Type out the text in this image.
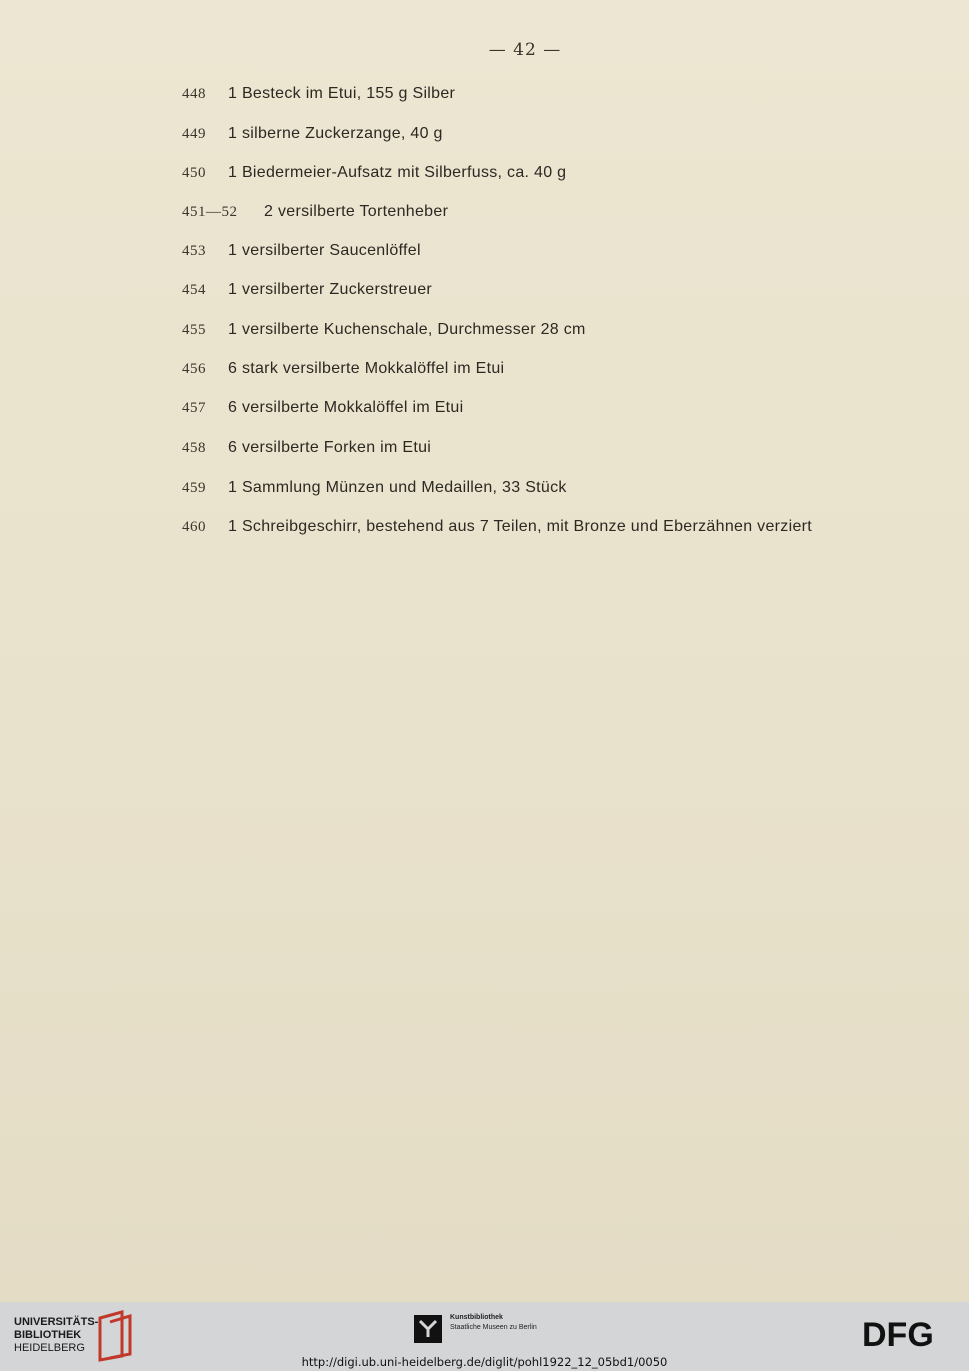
— 42 —
448 1 Besteck im Etui, 155 g Silber
449 1 silberne Zuckerzange, 40 g
450 1 Biedermeier-Aufsatz mit Silberfuss, ca. 40 g
451—52 2 versilberte Tortenheber
453 1 versilberter Saucenlöffel
454 1 versilberter Zuckerstreuer
455 1 versilberte Kuchenschale, Durchmesser 28 cm
456 6 stark versilberte Mokkalöffel im Etui
457 6 versilberte Mokkalöffel im Etui
458 6 versilberte Forken im Etui
459 1 Sammlung Münzen und Medaillen, 33 Stück
460 1 Schreibgeschirr, bestehend aus 7 Teilen, mit Bronze und Eberzähnen verziert
UNIVERSITÄTS-
BIBLIOTHEK
HEIDELBERG
Kunstbibliothek
Staatliche Museen zu Berlin	DFG
http://digi.ub.uni-heidelberg.de/diglit/pohl1922_12_05bd1/0050
